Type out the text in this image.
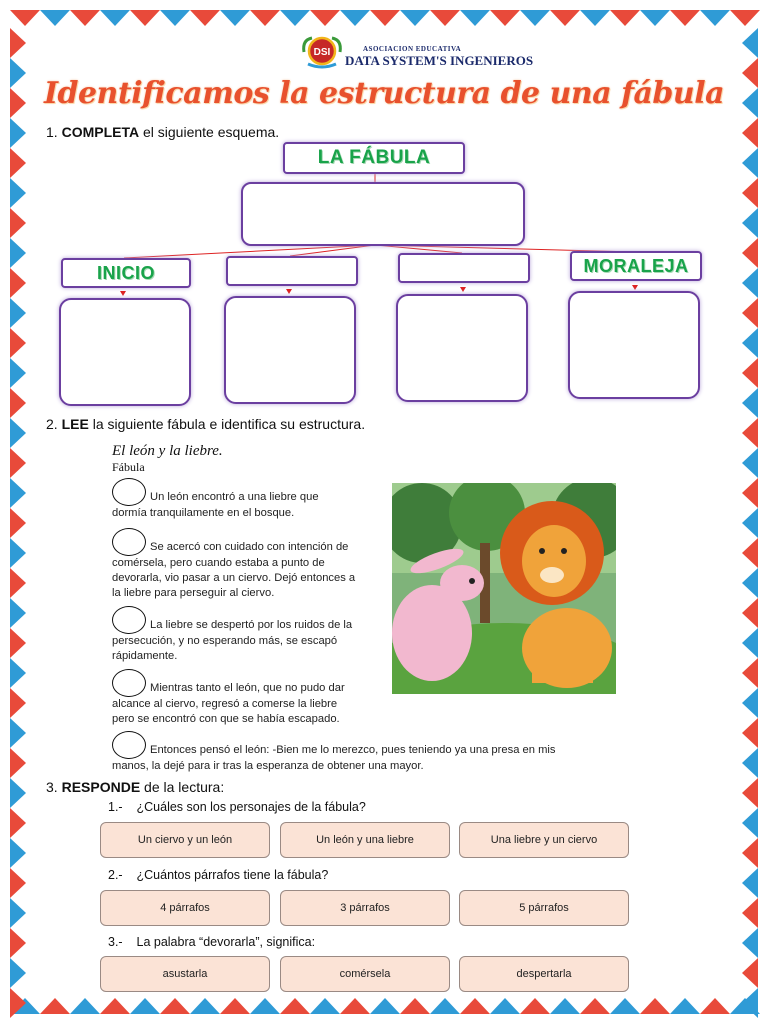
DSI	ASOCIACION EDUCATIVA
DATA SYSTEM'S INGENIEROS
Identificamos la estructura de una fábula
1. COMPLETA el siguiente esquema.
LA FÁBULA
INICIO	MORALEJA
2. LEE la siguiente fábula e identifica su estructura.
El león y la liebre.
Fábula
Un león encontró a una liebre que
dormía tranquilamente en el bosque.
Se acercó con cuidado con intención de
comérsela, pero cuando estaba a punto de
devorarla, vio pasar a un ciervo. Dejó entonces a
la liebre para perseguir al ciervo.
La liebre se despertó por los ruidos de la
persecución, y no esperando más, se escapó
rápidamente.
Mientras tanto el león, que no pudo dar
alcance al ciervo, regresó a comerse la liebre
pero se encontró con que se había escapado.
Entonces pensó el león: -Bien me lo merezco, pues teniendo ya una presa en mis
manos, la dejé para ir tras la esperanza de obtener una mayor.
3. RESPONDE de la lectura:
1.- ¿Cuáles son los personajes de la fábula?
Un ciervo y un león	Un león y una liebre	Una liebre y un ciervo
2.- ¿Cuántos párrafos tiene la fábula?
4 párrafos	3 párrafos	5 párrafos
3.- La palabra “devorarla”, significa:
asustarla	comérsela	despertarla
